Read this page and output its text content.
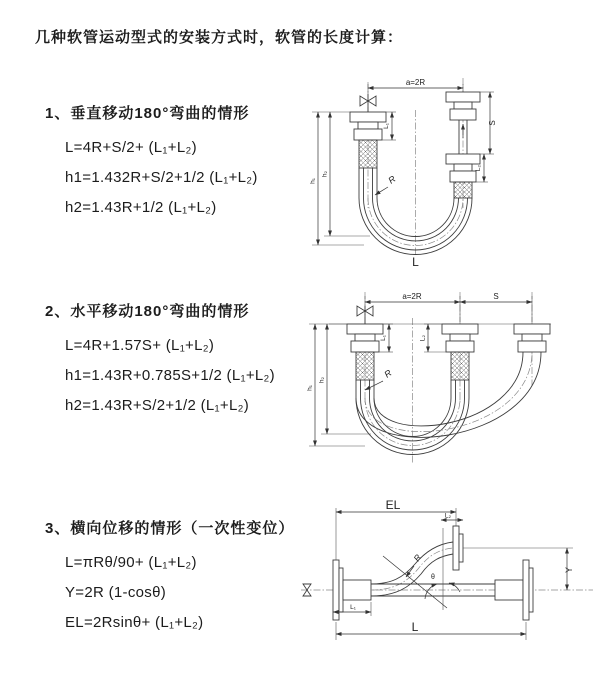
几种软管运动型式的安装方式时，软管的长度计算：

1、垂直移动180°弯曲的情形

L=4R+S/2+ (L₁+L₂)

h1=1.432R+S/2+1/2 (L₁+L₂)

h2=1.43R+1/2 (L₁+L₂)

2、水平移动180°弯曲的情形

L=4R+1.57S+ (L₁+L₂)

h1=1.43R+0.785S+1/2 (L₁+L₂)

h2=1.43R+S/2+1/2 (L₁+L₂)

3、横向位移的情形（一次性变位）

L=πRθ/90+ (L₁+L₂)

Y=2R (1-cosθ)

EL=2Rsinθ+ (L₁+L₂)

a=2R
S
L₂
L₁
h₁
h₂	R
L
a=2R	S
L₁	L₂
h₁
h₂
R
EL
L₂
Y
L
L₁
θ
R
